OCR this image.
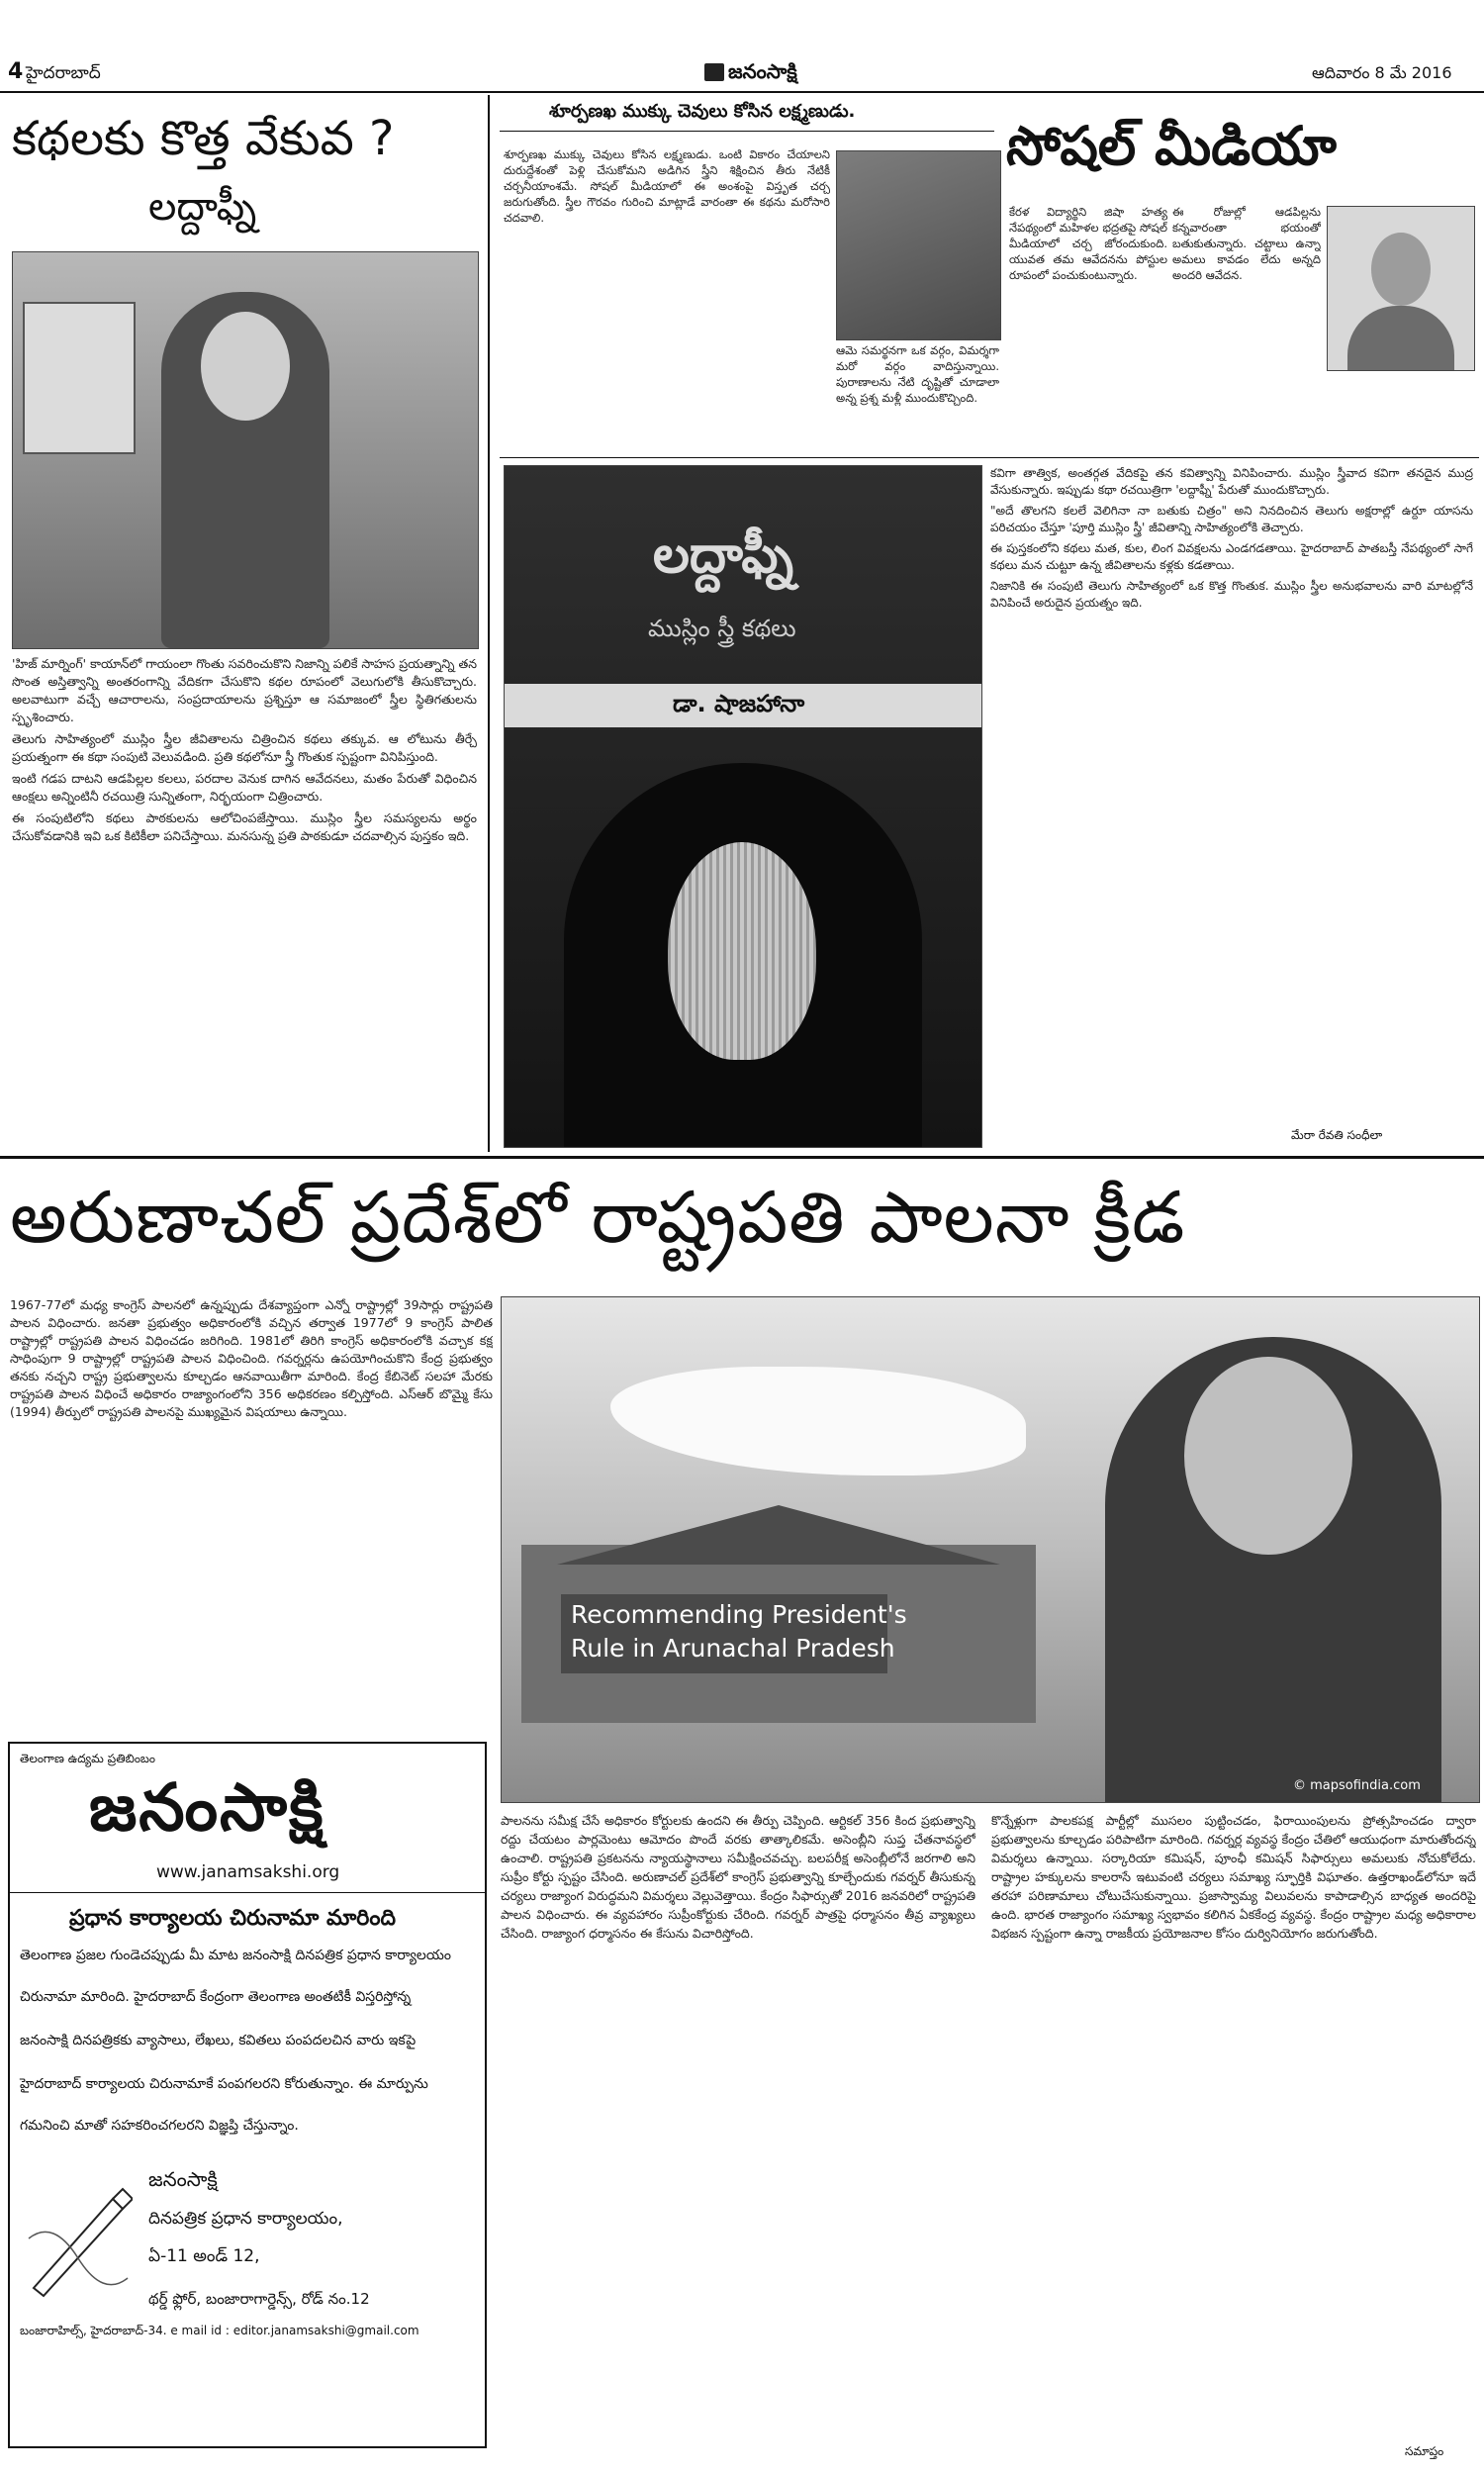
4 హైదరాబాద్	జనంసాక్షి	ఆదివారం 8 మే 2016
కథలకు కొత్త వేకువ ?
లద్దాఫ్నీ

'హిజ్ మార్నింగ్' కాయాన్‌లో గాయంలా గొంతు సవరించుకొని నిజాన్ని పలికే సాహస ప్రయత్నాన్ని తన సొంత అస్తిత్వాన్ని అంతరంగాన్ని వేదికగా చేసుకొని కథల రూపంలో వెలుగులోకి తీసుకొచ్చారు. అలవాటుగా వచ్చే ఆచారాలను, సంప్రదాయాలను ప్రశ్నిస్తూ ఆ సమాజంలో స్త్రీల స్థితిగతులను స్పృశించారు.

తెలుగు సాహిత్యంలో ముస్లిం స్త్రీల జీవితాలను చిత్రించిన కథలు తక్కువ. ఆ లోటును తీర్చే ప్రయత్నంగా ఈ కథా సంపుటి వెలువడింది. ప్రతి కథలోనూ స్త్రీ గొంతుక స్పష్టంగా వినిపిస్తుంది.

ఇంటి గడప దాటని ఆడపిల్లల కలలు, పరదాల వెనుక దాగిన ఆవేదనలు, మతం పేరుతో విధించిన ఆంక్షలు అన్నింటినీ రచయిత్రి సున్నితంగా, నిర్భయంగా చిత్రించారు.

ఈ సంపుటిలోని కథలు పాఠకులను ఆలోచింపజేస్తాయి. ముస్లిం స్త్రీల సమస్యలను అర్థం చేసుకోవడానికి ఇవి ఒక కిటికీలా పనిచేస్తాయి. మనసున్న ప్రతి పాఠకుడూ చదవాల్సిన పుస్తకం ఇది.

శూర్పణఖ ముక్కు చెవులు కోసిన లక్ష్మణుడు.
సోషల్ మీడియా
శూర్పణఖ ముక్కు చెవులు కోసిన లక్ష్మణుడు. ఒంటి వికారం చేయాలని దురుద్దేశంతో పెళ్లి చేసుకోమని అడిగిన స్త్రీని శిక్షించిన తీరు నేటికీ చర్చనీయాంశమే. సోషల్ మీడియాలో ఈ అంశంపై విస్తృత చర్చ జరుగుతోంది. స్త్రీల గౌరవం గురించి మాట్లాడే వారంతా ఈ కథను మరోసారి చదవాలి.
ఆమె సమర్థనగా ఒక వర్గం, విమర్శగా మరో వర్గం వాదిస్తున్నాయి. పురాణాలను నేటి దృష్టితో చూడాలా అన్న ప్రశ్న మళ్లీ ముందుకొచ్చింది.
కేరళ విద్యార్థిని జిషా హత్య నేపథ్యంలో మహిళల భద్రతపై సోషల్ మీడియాలో చర్చ జోరందుకుంది. యువత తమ ఆవేదనను పోస్టుల రూపంలో పంచుకుంటున్నారు.
ఈ రోజుల్లో ఆడపిల్లను కన్నవారంతా భయంతో బతుకుతున్నారు. చట్టాలు ఉన్నా అమలు కావడం లేదు అన్నది అందరి ఆవేదన.
లద్దాఫ్నీ
ముస్లిం స్త్రీ కథలు
డా. షాజహానా

కవిగా తాత్విక, అంతర్గత వేదికపై తన కవిత్వాన్ని వినిపించారు. ముస్లిం స్త్రీవాద కవిగా తనదైన ముద్ర వేసుకున్నారు. ఇప్పుడు కథా రచయిత్రిగా 'లద్దాఫ్నీ' పేరుతో ముందుకొచ్చారు.

"అదే తొలగని కలలే వెలిగినా నా బతుకు చిత్రం" అని నినదించిన తెలుగు అక్షరాల్లో ఉర్దూ యాసను పరిచయం చేస్తూ 'పూర్తి ముస్లిం స్త్రీ' జీవితాన్ని సాహిత్యంలోకి తెచ్చారు.

ఈ పుస్తకంలోని కథలు మత, కుల, లింగ వివక్షలను ఎండగడతాయి. హైదరాబాద్ పాతబస్తీ నేపథ్యంలో సాగే కథలు మన చుట్టూ ఉన్న జీవితాలను కళ్లకు కడతాయి.

నిజానికి ఈ సంపుటి తెలుగు సాహిత్యంలో ఒక కొత్త గొంతుక. ముస్లిం స్త్రీల అనుభవాలను వారి మాటల్లోనే వినిపించే అరుదైన ప్రయత్నం ఇది.

మేరా రేవతి సంధీలా
అరుణాచల్ ప్రదేశ్‌లో రాష్ట్రపతి పాలనా క్రీడ
1967-77లో మధ్య కాంగ్రెస్ పాలనలో ఉన్నప్పుడు దేశవ్యాప్తంగా ఎన్నో రాష్ట్రాల్లో 39సార్లు రాష్ట్రపతి పాలన విధించారు. జనతా ప్రభుత్వం అధికారంలోకి వచ్చిన తర్వాత 1977లో 9 కాంగ్రెస్ పాలిత రాష్ట్రాల్లో రాష్ట్రపతి పాలన విధించడం జరిగింది. 1981లో తిరిగి కాంగ్రెస్ అధికారంలోకి వచ్చాక కక్ష సాధింపుగా 9 రాష్ట్రాల్లో రాష్ట్రపతి పాలన విధించింది. గవర్నర్లను ఉపయోగించుకొని కేంద్ర ప్రభుత్వం తనకు నచ్చని రాష్ట్ర ప్రభుత్వాలను కూల్చడం ఆనవాయితీగా మారింది. కేంద్ర కేబినెట్ సలహా మేరకు రాష్ట్రపతి పాలన విధించే అధికారం రాజ్యాంగంలోని 356 అధికరణం కల్పిస్తోంది. ఎస్ఆర్ బొమ్మై కేసు (1994) తీర్పులో రాష్ట్రపతి పాలనపై ముఖ్యమైన విషయాలు ఉన్నాయి.
Recommending President's
Rule in Arunachal Pradesh
© mapsofindia.com
తెలంగాణ ఉద్యమ ప్రతిబింబం
జనంసాక్షి
www.janamsakshi.org
ప్రధాన కార్యాలయ చిరునామా మారింది
తెలంగాణ ప్రజల గుండెచప్పుడు మీ మాట జనంసాక్షి దినపత్రిక ప్రధాన కార్యాలయం
చిరునామా మారింది. హైదరాబాద్ కేంద్రంగా తెలంగాణ అంతటికీ విస్తరిస్తోన్న
జనంసాక్షి దినపత్రికకు వ్యాసాలు, లేఖలు, కవితలు పంపదలచిన వారు ఇకపై
హైదరాబాద్ కార్యాలయ చిరునామాకే పంపగలరని కోరుతున్నాం. ఈ మార్పును
గమనించి మాతో సహకరించగలరని విజ్ఞప్తి చేస్తున్నాం.
జనంసాక్షి
దినపత్రిక ప్రధాన కార్యాలయం,
ఏ-11 అండ్ 12,
థర్డ్ ఫ్లోర్, బంజారాగార్డెన్స్, రోడ్ నం.12
బంజారాహిల్స్, హైదరాబాద్-34. e mail id : editor.janamsakshi@gmail.com
పాలనను సమీక్ష చేసే అధికారం కోర్టులకు ఉందని ఈ తీర్పు చెప్పింది. ఆర్టికల్ 356 కింద ప్రభుత్వాన్ని రద్దు చేయటం పార్లమెంటు ఆమోదం పొందే వరకు తాత్కాలికమే. అసెంబ్లీని సుప్త చేతనావస్థలో ఉంచాలి. రాష్ట్రపతి ప్రకటనను న్యాయస్థానాలు సమీక్షించవచ్చు. బలపరీక్ష అసెంబ్లీలోనే జరగాలి అని సుప్రీం కోర్టు స్పష్టం చేసింది. అరుణాచల్ ప్రదేశ్‌లో కాంగ్రెస్ ప్రభుత్వాన్ని కూల్చేందుకు గవర్నర్ తీసుకున్న చర్యలు రాజ్యాంగ విరుద్ధమని విమర్శలు వెల్లువెత్తాయి. కేంద్రం సిఫార్సుతో 2016 జనవరిలో రాష్ట్రపతి పాలన విధించారు. ఈ వ్యవహారం సుప్రీంకోర్టుకు చేరింది. గవర్నర్ పాత్రపై ధర్మాసనం తీవ్ర వ్యాఖ్యలు చేసింది. రాజ్యాంగ ధర్మాసనం ఈ కేసును విచారిస్తోంది.
కొన్నేళ్లుగా పాలకపక్ష పార్టీల్లో ముసలం పుట్టించడం, ఫిరాయింపులను ప్రోత్సహించడం ద్వారా ప్రభుత్వాలను కూల్చడం పరిపాటిగా మారింది. గవర్నర్ల వ్యవస్థ కేంద్రం చేతిలో ఆయుధంగా మారుతోందన్న విమర్శలు ఉన్నాయి. సర్కారియా కమిషన్, పూంఛీ కమిషన్ సిఫార్సులు అమలుకు నోచుకోలేదు. రాష్ట్రాల హక్కులను కాలరాసే ఇటువంటి చర్యలు సమాఖ్య స్ఫూర్తికి విఘాతం. ఉత్తరాఖండ్‌లోనూ ఇదే తరహా పరిణామాలు చోటుచేసుకున్నాయి. ప్రజాస్వామ్య విలువలను కాపాడాల్సిన బాధ్యత అందరిపై ఉంది. భారత రాజ్యాంగం సమాఖ్య స్వభావం కలిగిన ఏకకేంద్ర వ్యవస్థ. కేంద్రం రాష్ట్రాల మధ్య అధికారాల విభజన స్పష్టంగా ఉన్నా రాజకీయ ప్రయోజనాల కోసం దుర్వినియోగం జరుగుతోంది.
సమాప్తం
